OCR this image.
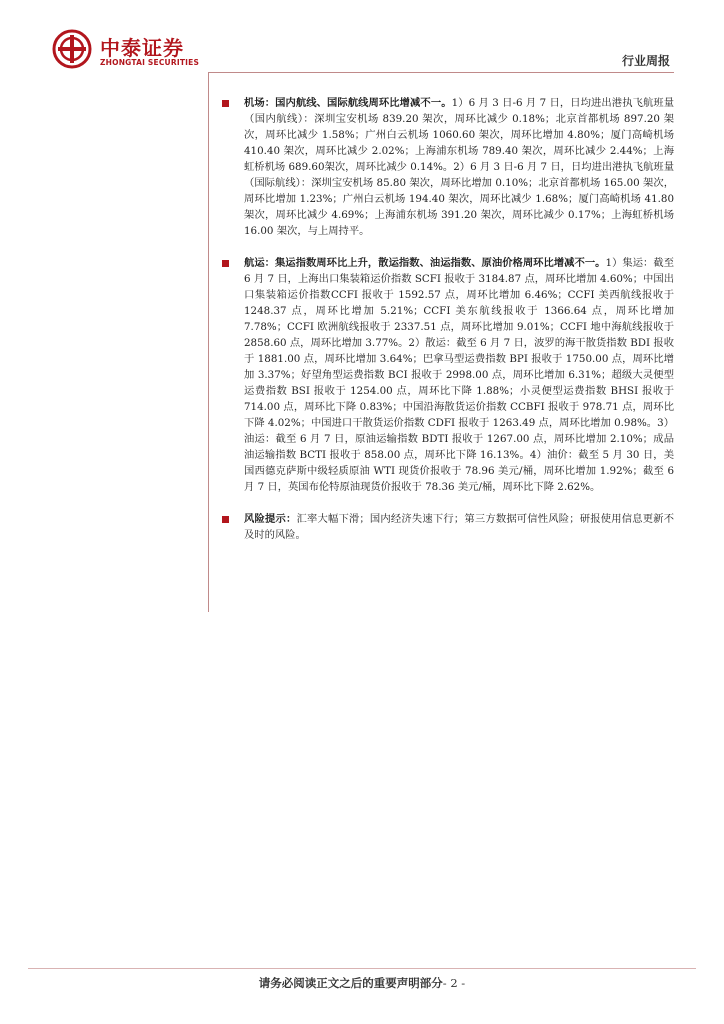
中泰证券
ZHONGTAI SECURITIES	行业周报
机场：国内航线、国际航线周环比增减不一。1）6 月 3 日-6 月 7 日，日均进出港执飞航班量（国内航线）：深圳宝安机场 839.20 架次，周环比减少 0.18%；北京首都机场 897.20 架次，周环比减少 1.58%；广州白云机场 1060.60 架次，周环比增加 4.80%；厦门高崎机场 410.40 架次，周环比减少 2.02%；上海浦东机场 789.40 架次，周环比减少 2.44%；上海虹桥机场 689.60架次，周环比减少 0.14%。2）6 月 3 日-6 月 7 日，日均进出港执飞航班量（国际航线）：深圳宝安机场 85.80 架次，周环比增加 0.10%；北京首都机场 165.00 架次，周环比增加 1.23%；广州白云机场 194.40 架次，周环比减少 1.68%；厦门高崎机场 41.80 架次，周环比减少 4.69%；上海浦东机场 391.20 架次，周环比减少 0.17%；上海虹桥机场 16.00 架次，与上周持平。
航运：集运指数周环比上升，散运指数、油运指数、原油价格周环比增减不一。1）集运：截至 6 月 7 日，上海出口集装箱运价指数 SCFI 报收于 3184.87 点，周环比增加 4.60%；中国出口集装箱运价指数CCFI 报收于 1592.57 点，周环比增加 6.46%；CCFI 美西航线报收于 1248.37 点，周环比增加 5.21%；CCFI 美东航线报收于 1366.64 点，周环比增加 7.78%；CCFI 欧洲航线报收于 2337.51 点，周环比增加 9.01%；CCFI 地中海航线报收于 2858.60 点，周环比增加 3.77%。2）散运：截至 6 月 7 日，波罗的海干散货指数 BDI 报收于 1881.00 点，周环比增加 3.64%；巴拿马型运费指数 BPI 报收于 1750.00 点，周环比增加 3.37%；好望角型运费指数 BCI 报收于 2998.00 点，周环比增加 6.31%；超级大灵便型运费指数 BSI 报收于 1254.00 点，周环比下降 1.88%；小灵便型运费指数 BHSI 报收于 714.00 点，周环比下降 0.83%；中国沿海散货运价指数 CCBFI 报收于 978.71 点，周环比下降 4.02%；中国进口干散货运价指数 CDFI 报收于 1263.49 点，周环比增加 0.98%。3）油运：截至 6 月 7 日，原油运输指数 BDTI 报收于 1267.00 点，周环比增加 2.10%；成品油运输指数 BCTI 报收于 858.00 点，周环比下降 16.13%。4）油价：截至 5 月 30 日，美国西德克萨斯中级轻质原油 WTI 现货价报收于 78.96 美元/桶，周环比增加 1.92%；截至 6 月 7 日，英国布伦特原油现货价报收于 78.36 美元/桶，周环比下降 2.62%。
风险提示：汇率大幅下滑；国内经济失速下行；第三方数据可信性风险；研报使用信息更新不及时的风险。
请务必阅读正文之后的重要声明部分- 2 -
